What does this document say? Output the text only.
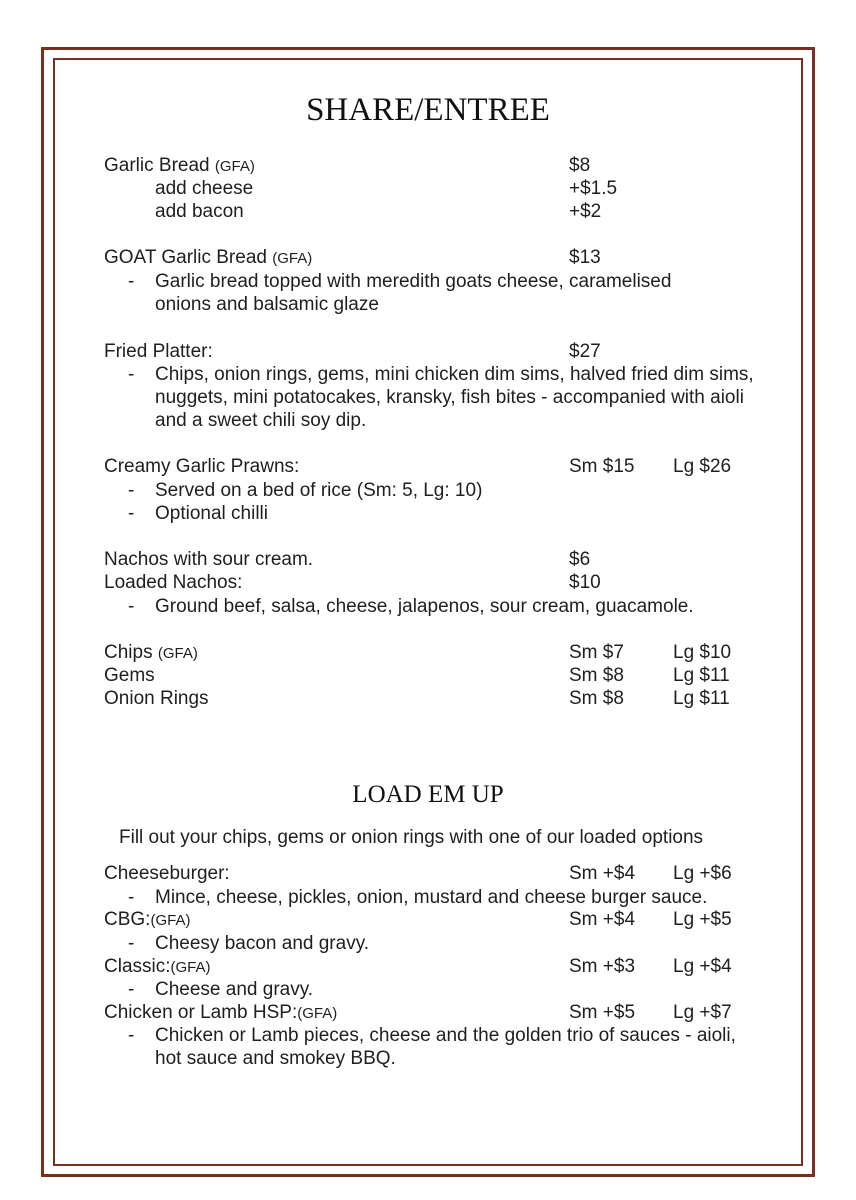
SHARE/ENTREE
Garlic Bread (GFA)	$8
add cheese	+$1.5
add bacon	+$2
GOAT Garlic Bread (GFA)	$13
- Garlic bread topped with meredith goats cheese, caramelised onions and balsamic glaze
Fried Platter:	$27
- Chips, onion rings, gems, mini chicken dim sims, halved fried dim sims, nuggets, mini potatocakes, kransky, fish bites - accompanied with aioli and a sweet chili soy dip.
Creamy Garlic Prawns:	Sm $15 Lg $26
- Served on a bed of rice (Sm: 5, Lg: 10)
- Optional chilli
Nachos with sour cream.	$6
Loaded Nachos:	$10
- Ground beef, salsa, cheese, jalapenos, sour cream, guacamole.
Chips (GFA)	Sm $7	Lg $10
Gems	Sm $8	Lg $11
Onion Rings	Sm $8	Lg $11
LOAD EM UP
Fill out your chips, gems or onion rings with one of our loaded options
Cheeseburger:	Sm +$4 Lg +$6
- Mince, cheese, pickles, onion, mustard and cheese burger sauce.
CBG:(GFA)	Sm +$4 Lg +$5
- Cheesy bacon and gravy.
Classic:(GFA)	Sm +$3 Lg +$4
- Cheese and gravy.
Chicken or Lamb HSP:(GFA)	Sm +$5 Lg +$7
- Chicken or Lamb pieces, cheese and the golden trio of sauces - aioli, hot sauce and smokey BBQ.
